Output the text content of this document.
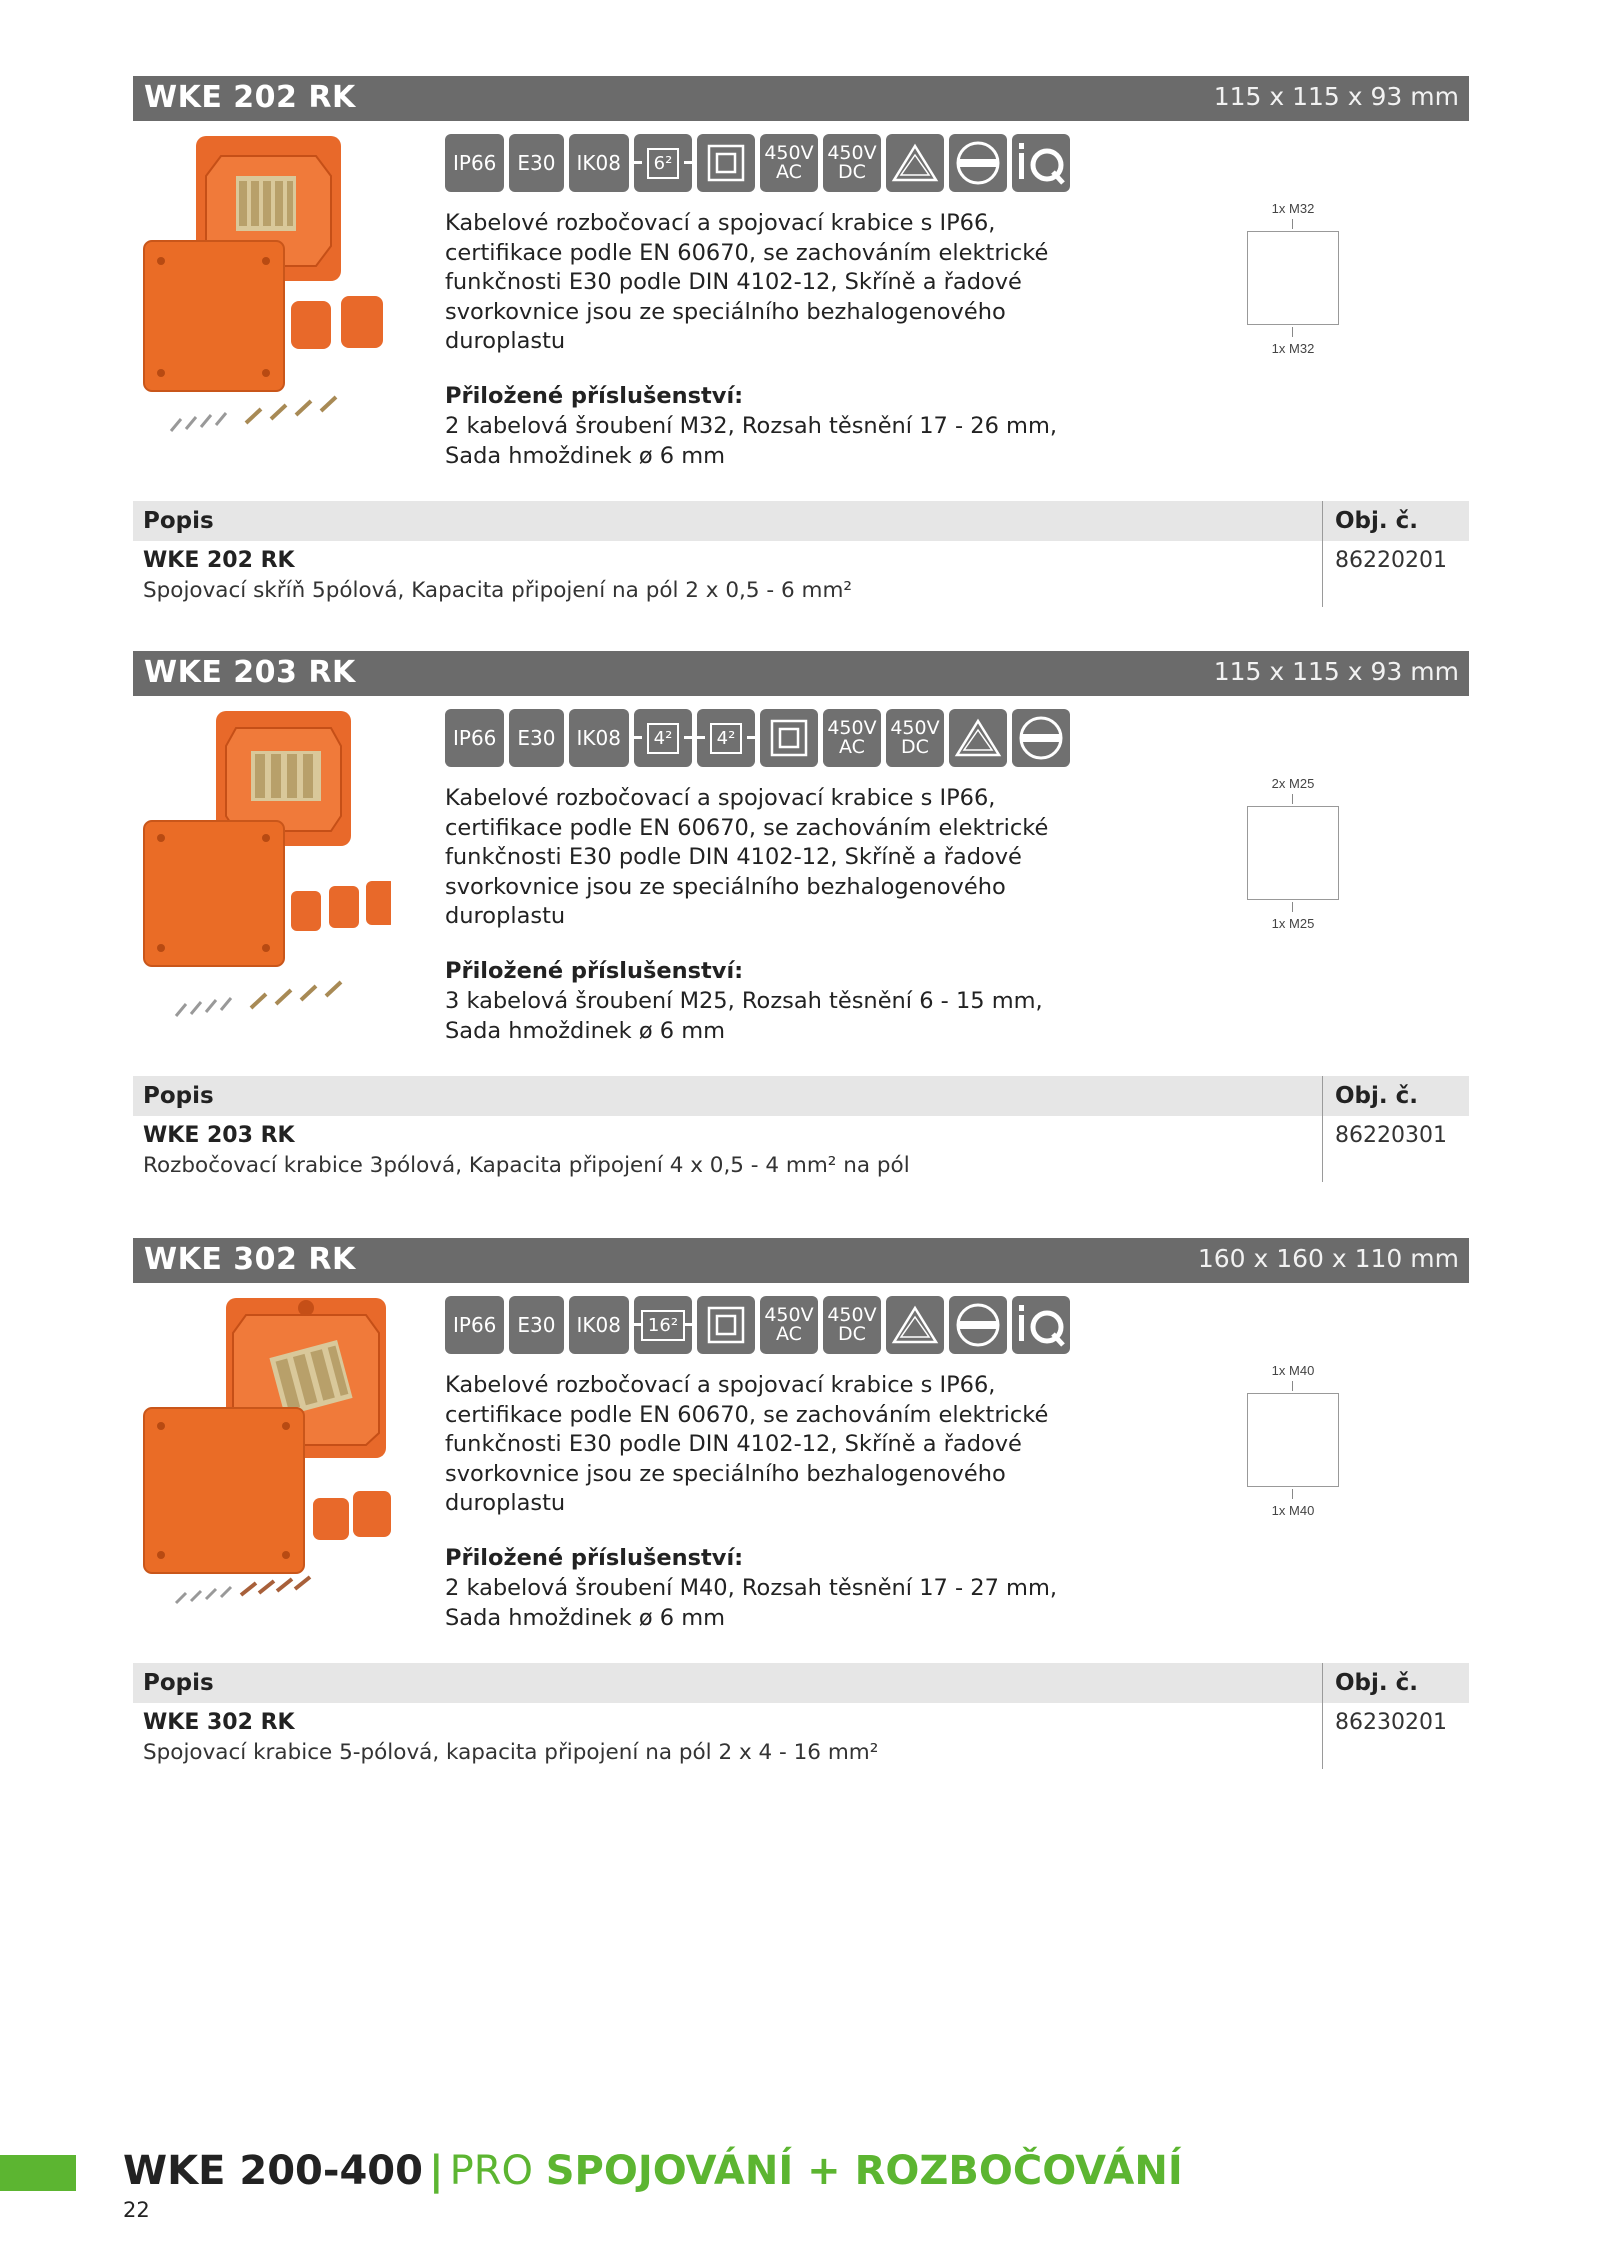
WKE 202 RK	115 x 115 x 93 mm
IP66	E30	IK08	6²	450V
AC
450V
DC

Kabelové rozbočovací a spojovací krabice s IP66, certifikace podle EN 60670, se zachováním elektrické funkčnosti E30 podle DIN 4102-12, Skříně a řadové svorkovnice jsou ze speciálního bezhalogenového duroplastu

Přiložené příslušenství:
2 kabelová šroubení M32, Rozsah těsnění 17 - 26 mm,
Sada hmoždinek ø 6 mm
1x M32
1x M32
Popis	Obj. č.
WKE 202 RK
Spojovací skříň 5pólová, Kapacita připojení na pól 2 x 0,5 - 6 mm²
86220201
WKE 203 RK	115 x 115 x 93 mm
IP66	E30	IK08	4²	4²	450V
AC
450V
DC

Kabelové rozbočovací a spojovací krabice s IP66, certifikace podle EN 60670, se zachováním elektrické funkčnosti E30 podle DIN 4102-12, Skříně a řadové svorkovnice jsou ze speciálního bezhalogenového duroplastu

Přiložené příslušenství:
3 kabelová šroubení M25, Rozsah těsnění 6 - 15 mm,
Sada hmoždinek ø 6 mm
2x M25
1x M25
Popis	Obj. č.
WKE 203 RK
Rozbočovací krabice 3pólová, Kapacita připojení 4 x 0,5 - 4 mm² na pól
86220301
WKE 302 RK	160 x 160 x 110 mm
IP66	E30	IK08	16²	450V
AC
450V
DC

Kabelové rozbočovací a spojovací krabice s IP66, certifikace podle EN 60670, se zachováním elektrické funkčnosti E30 podle DIN 4102-12, Skříně a řadové svorkovnice jsou ze speciálního bezhalogenového duroplastu

Přiložené příslušenství:
2 kabelová šroubení M40, Rozsah těsnění 17 - 27 mm,
Sada hmoždinek ø 6 mm
1x M40
1x M40
Popis	Obj. č.
WKE 302 RK
Spojovací krabice 5-pólová, kapacita připojení na pól 2 x 4 - 16 mm²
86230201
WKE 200-400 | PRO SPOJOVÁNÍ + ROZBOČOVÁNÍ
22
